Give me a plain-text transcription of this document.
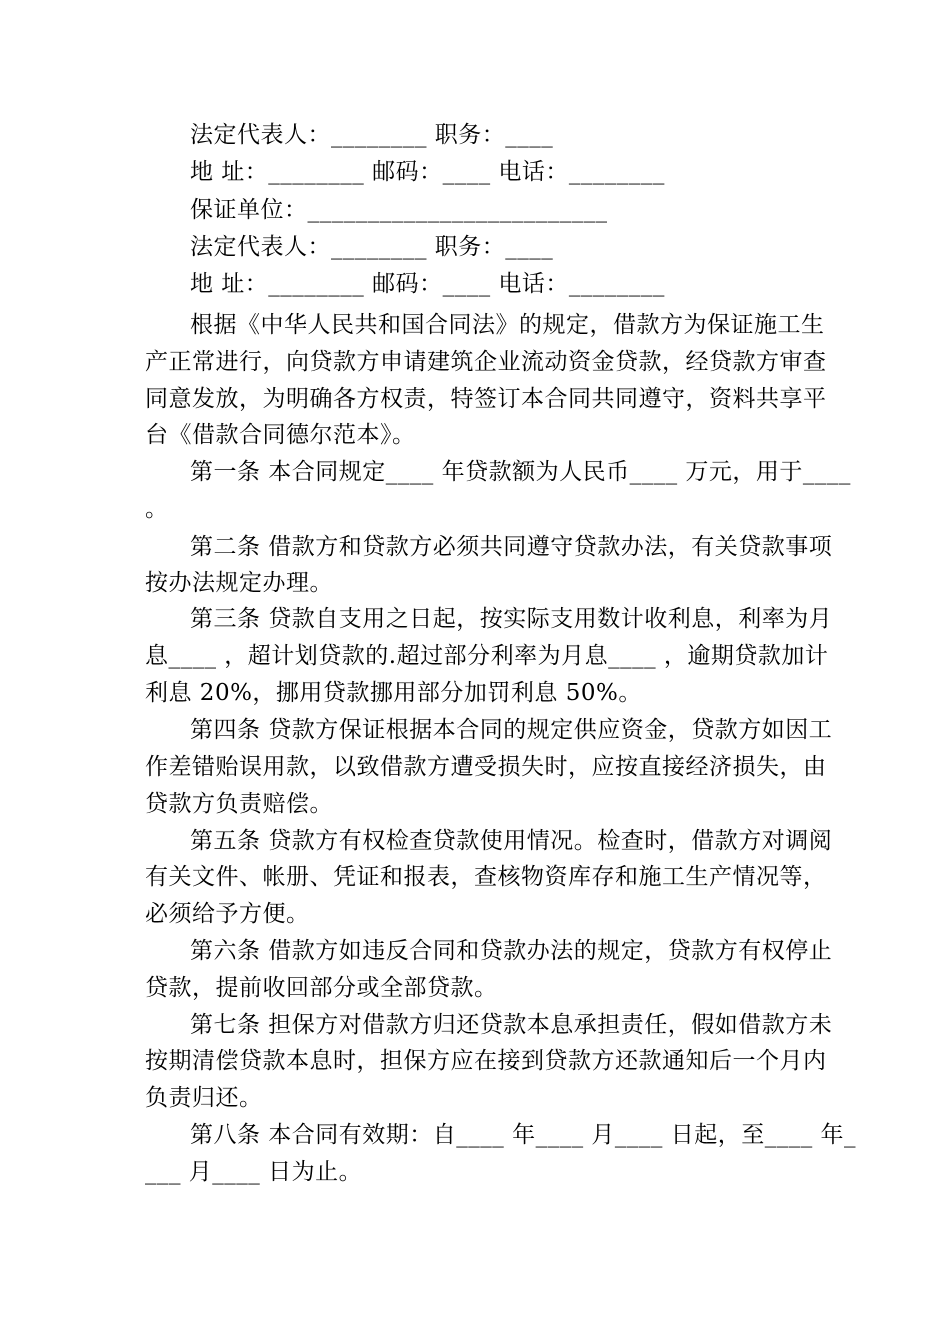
法定代表人：________ 职务：____
地 址：________ 邮码：____ 电话：________
保证单位：_________________________
法定代表人：________ 职务：____
地 址：________ 邮码：____ 电话：________
根据《中华人民共和国合同法》的规定，借款方为保证施工生
产正常进行，向贷款方申请建筑企业流动资金贷款，经贷款方审查
同意发放，为明确各方权责，特签订本合同共同遵守，资料共享平
台《借款合同德尔范本》。
第一条 本合同规定____ 年贷款额为人民币____ 万元，用于____
。
第二条 借款方和贷款方必须共同遵守贷款办法，有关贷款事项
按办法规定办理。
第三条 贷款自支用之日起，按实际支用数计收利息，利率为月
息____ ，超计划贷款的.超过部分利率为月息____ ，逾期贷款加计
利息 20%，挪用贷款挪用部分加罚利息 50%。
第四条 贷款方保证根据本合同的规定供应资金，贷款方如因工
作差错贻误用款，以致借款方遭受损失时，应按直接经济损失，由
贷款方负责赔偿。
第五条 贷款方有权检查贷款使用情况。检查时，借款方对调阅
有关文件、帐册、凭证和报表，查核物资库存和施工生产情况等，
必须给予方便。
第六条 借款方如违反合同和贷款办法的规定，贷款方有权停止
贷款，提前收回部分或全部贷款。
第七条 担保方对借款方归还贷款本息承担责任，假如借款方未
按期清偿贷款本息时，担保方应在接到贷款方还款通知后一个月内
负责归还。
第八条 本合同有效期：自____ 年____ 月____ 日起，至____ 年_
___ 月____ 日为止。
